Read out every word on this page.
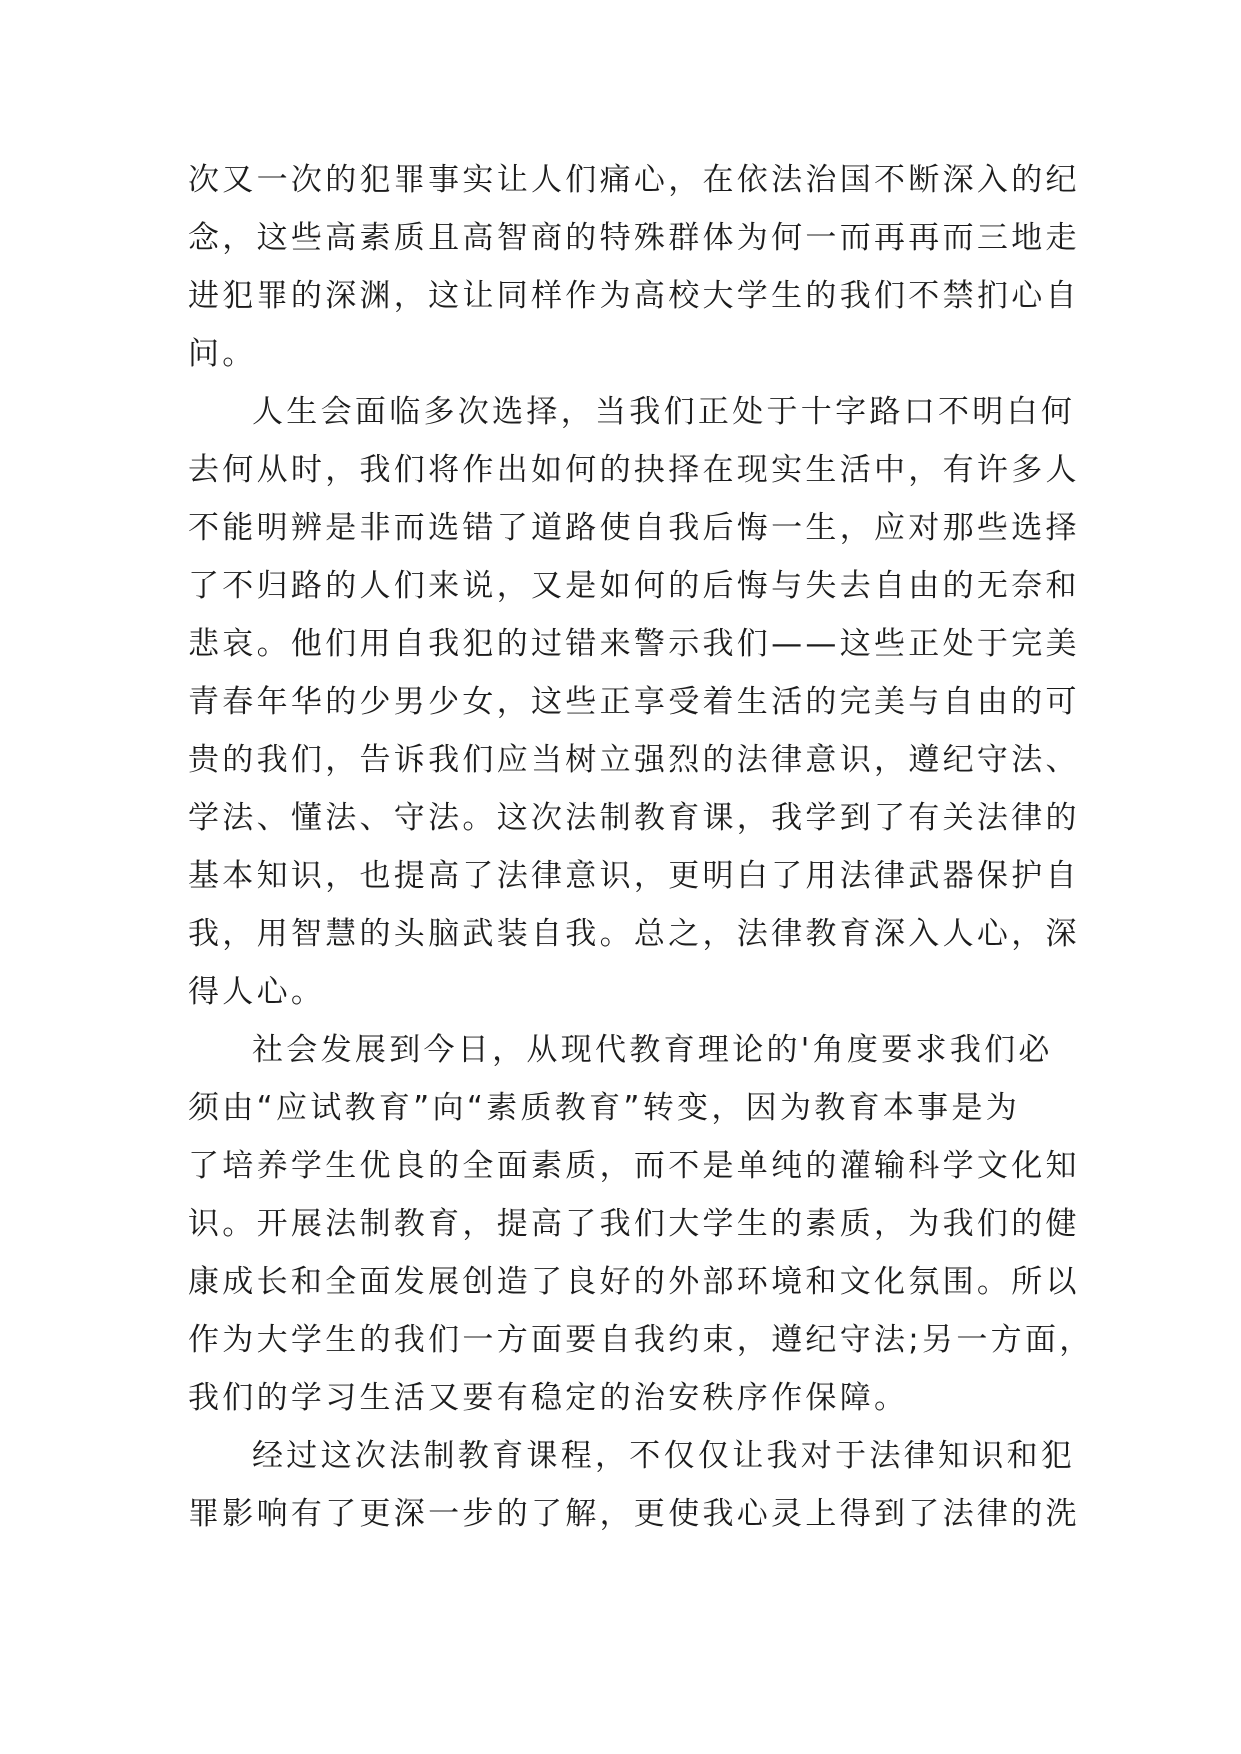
次又一次的犯罪事实让人们痛心，在依法治国不断深入的纪
念，这些高素质且高智商的特殊群体为何一而再再而三地走
进犯罪的深渊，这让同样作为高校大学生的我们不禁扪心自
问。
人生会面临多次选择，当我们正处于十字路口不明白何
去何从时，我们将作出如何的抉择在现实生活中，有许多人
不能明辨是非而选错了道路使自我后悔一生，应对那些选择
了不归路的人们来说，又是如何的后悔与失去自由的无奈和
悲哀。他们用自我犯的过错来警示我们——这些正处于完美
青春年华的少男少女，这些正享受着生活的完美与自由的可
贵的我们，告诉我们应当树立强烈的法律意识，遵纪守法、
学法、懂法、守法。这次法制教育课，我学到了有关法律的
基本知识，也提高了法律意识，更明白了用法律武器保护自
我，用智慧的头脑武装自我。总之，法律教育深入人心，深
得人心。
社会发展到今日，从现代教育理论的'角度要求我们必
须由“应试教育”向“素质教育”转变，因为教育本事是为
了培养学生优良的全面素质，而不是单纯的灌输科学文化知
识。开展法制教育，提高了我们大学生的素质，为我们的健
康成长和全面发展创造了良好的外部环境和文化氛围。所以
作为大学生的我们一方面要自我约束，遵纪守法;另一方面，
我们的学习生活又要有稳定的治安秩序作保障。
经过这次法制教育课程，不仅仅让我对于法律知识和犯
罪影响有了更深一步的了解，更使我心灵上得到了法律的洗
